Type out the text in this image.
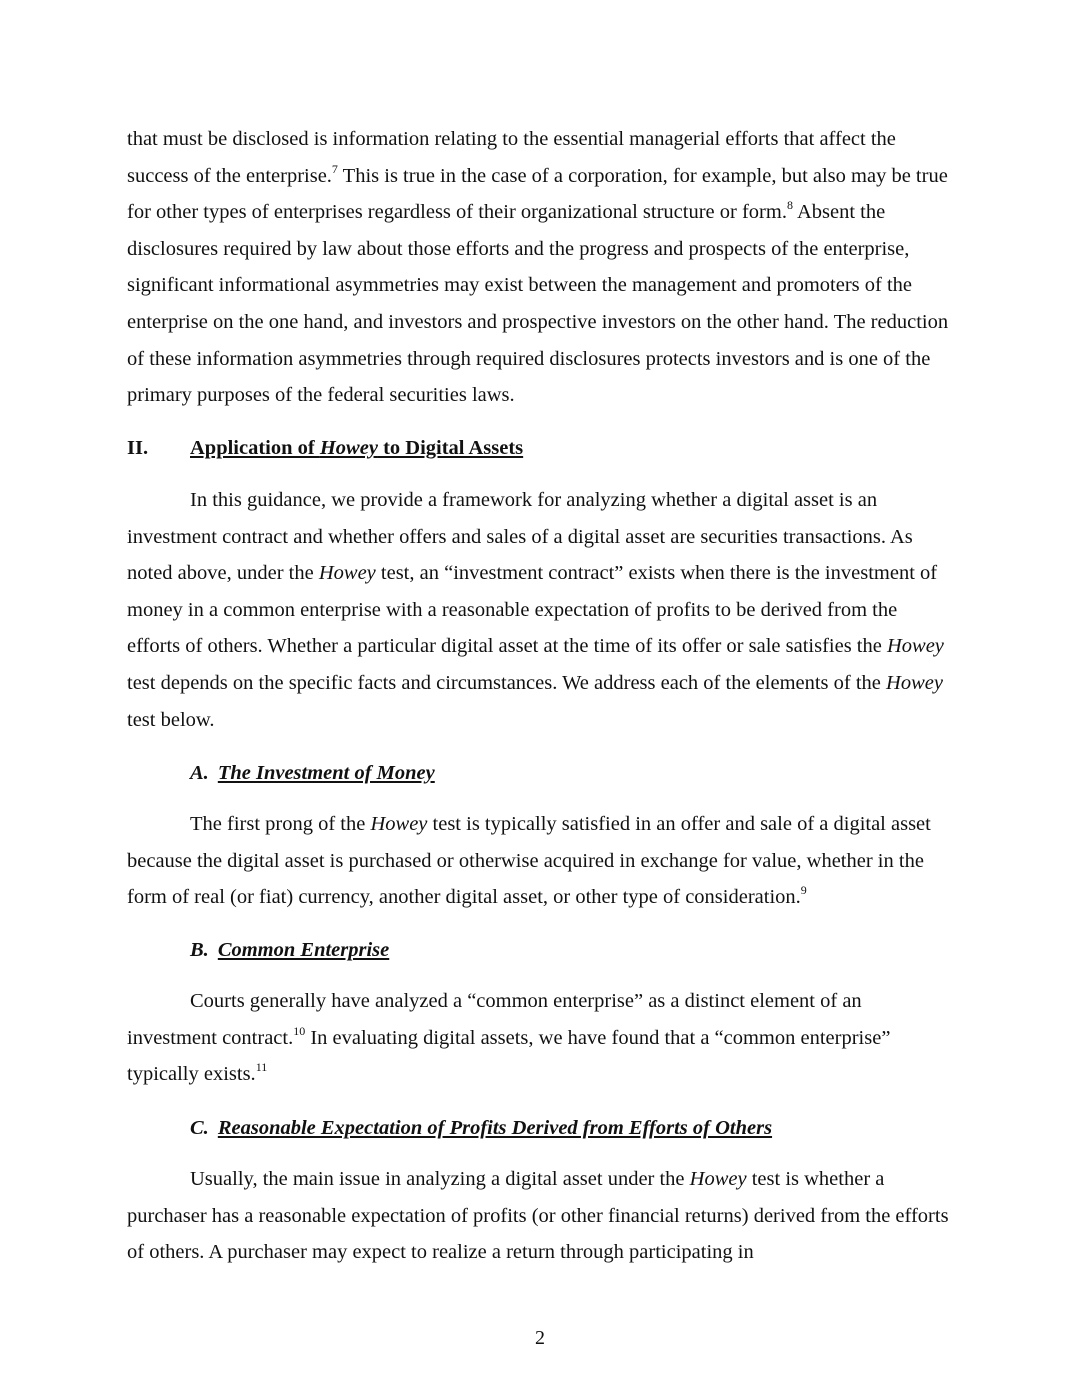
that must be disclosed is information relating to the essential managerial efforts that affect the success of the enterprise.$^7$ This is true in the case of a corporation, for example, but also may be true for other types of enterprises regardless of their organizational structure or form.$^8$ Absent the disclosures required by law about those efforts and the progress and prospects of the enterprise, significant informational asymmetries may exist between the management and promoters of the enterprise on the one hand, and investors and prospective investors on the other hand. The reduction of these information asymmetries through required disclosures protects investors and is one of the primary purposes of the federal securities laws.

II. Application of Howey to Digital Assets

In this guidance, we provide a framework for analyzing whether a digital asset is an investment contract and whether offers and sales of a digital asset are securities transactions. As noted above, under the Howey test, an “investment contract” exists when there is the investment of money in a common enterprise with a reasonable expectation of profits to be derived from the efforts of others. Whether a particular digital asset at the time of its offer or sale satisfies the Howey test depends on the specific facts and circumstances. We address each of the elements of the Howey test below.

A. The Investment of Money

The first prong of the Howey test is typically satisfied in an offer and sale of a digital asset because the digital asset is purchased or otherwise acquired in exchange for value, whether in the form of real (or fiat) currency, another digital asset, or other type of consideration.$^9$

B. Common Enterprise

Courts generally have analyzed a “common enterprise” as a distinct element of an investment contract.$^{10}$ In evaluating digital assets, we have found that a “common enterprise” typically exists.$^{11}$

C. Reasonable Expectation of Profits Derived from Efforts of Others

Usually, the main issue in analyzing a digital asset under the Howey test is whether a purchaser has a reasonable expectation of profits (or other financial returns) derived from the efforts of others. A purchaser may expect to realize a return through participating in

2
